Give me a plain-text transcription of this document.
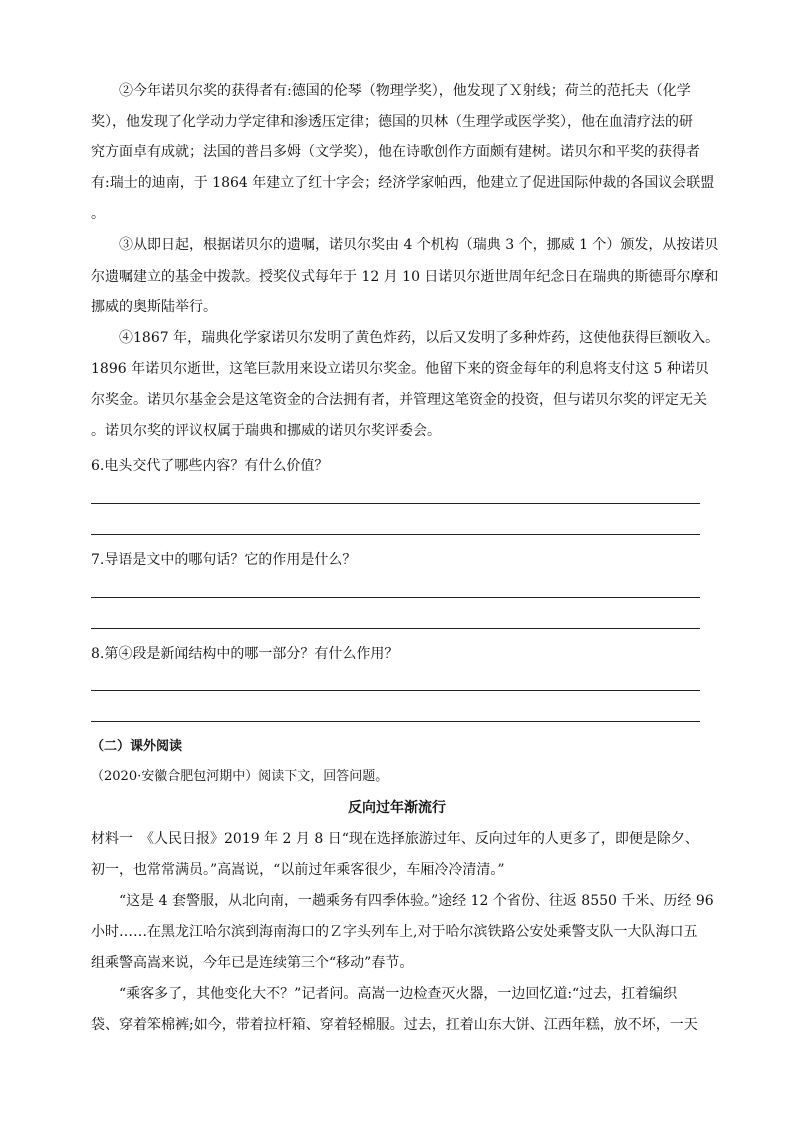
②今年诺贝尔奖的获得者有:德国的伦琴（物理学奖），他发现了Ｘ射线；荷兰的范托夫（化学
奖），他发现了化学动力学定律和渗透压定律；德国的贝林（生理学或医学奖），他在血清疗法的研
究方面卓有成就；法国的普吕多姆（文学奖），他在诗歌创作方面颇有建树。诺贝尔和平奖的获得者
有:瑞士的迪南，于 1864 年建立了红十字会；经济学家帕西，他建立了促进国际仲裁的各国议会联盟
。
③从即日起，根据诺贝尔的遗嘱，诺贝尔奖由 4 个机构（瑞典 3 个，挪威 1 个）颁发，从按诺贝
尔遗嘱建立的基金中拨款。授奖仪式每年于 12 月 10 日诺贝尔逝世周年纪念日在瑞典的斯德哥尔摩和
挪威的奥斯陆举行。
④1867 年，瑞典化学家诺贝尔发明了黄色炸药，以后又发明了多种炸药，这使他获得巨额收入。
1896 年诺贝尔逝世，这笔巨款用来设立诺贝尔奖金。他留下来的资金每年的利息将支付这 5 种诺贝
尔奖金。诺贝尔基金会是这笔资金的合法拥有者，并管理这笔资金的投资，但与诺贝尔奖的评定无关
。诺贝尔奖的评议权属于瑞典和挪威的诺贝尔奖评委会。
6.电头交代了哪些内容？有什么价值？
7.导语是文中的哪句话？它的作用是什么？
8.第④段是新闻结构中的哪一部分？有什么作用？
（二）课外阅读
（2020·安徽合肥包河期中）阅读下文，回答问题。
反向过年渐流行
材料一　《人民日报》2019 年 2 月 8 日“现在选择旅游过年、反向过年的人更多了，即便是除夕、
初一，也常常满员。”高嵩说，“以前过年乘客很少，车厢冷冷清清。”
“这是 4 套警服，从北向南，一趟乘务有四季体验。”途经 12 个省份、往返 8550 千米、历经 96
小时……在黑龙江哈尔滨到海南海口的Ｚ字头列车上,对于哈尔滨铁路公安处乘警支队一大队海口五
组乘警高嵩来说，今年已是连续第三个“移动”春节。
“乘客多了，其他变化大不？”记者问。高嵩一边检查灭火器，一边回忆道:“过去，扛着编织
袋、穿着笨棉裤;如今，带着拉杆箱、穿着轻棉服。过去，扛着山东大饼、江西年糕，放不坏，一天
